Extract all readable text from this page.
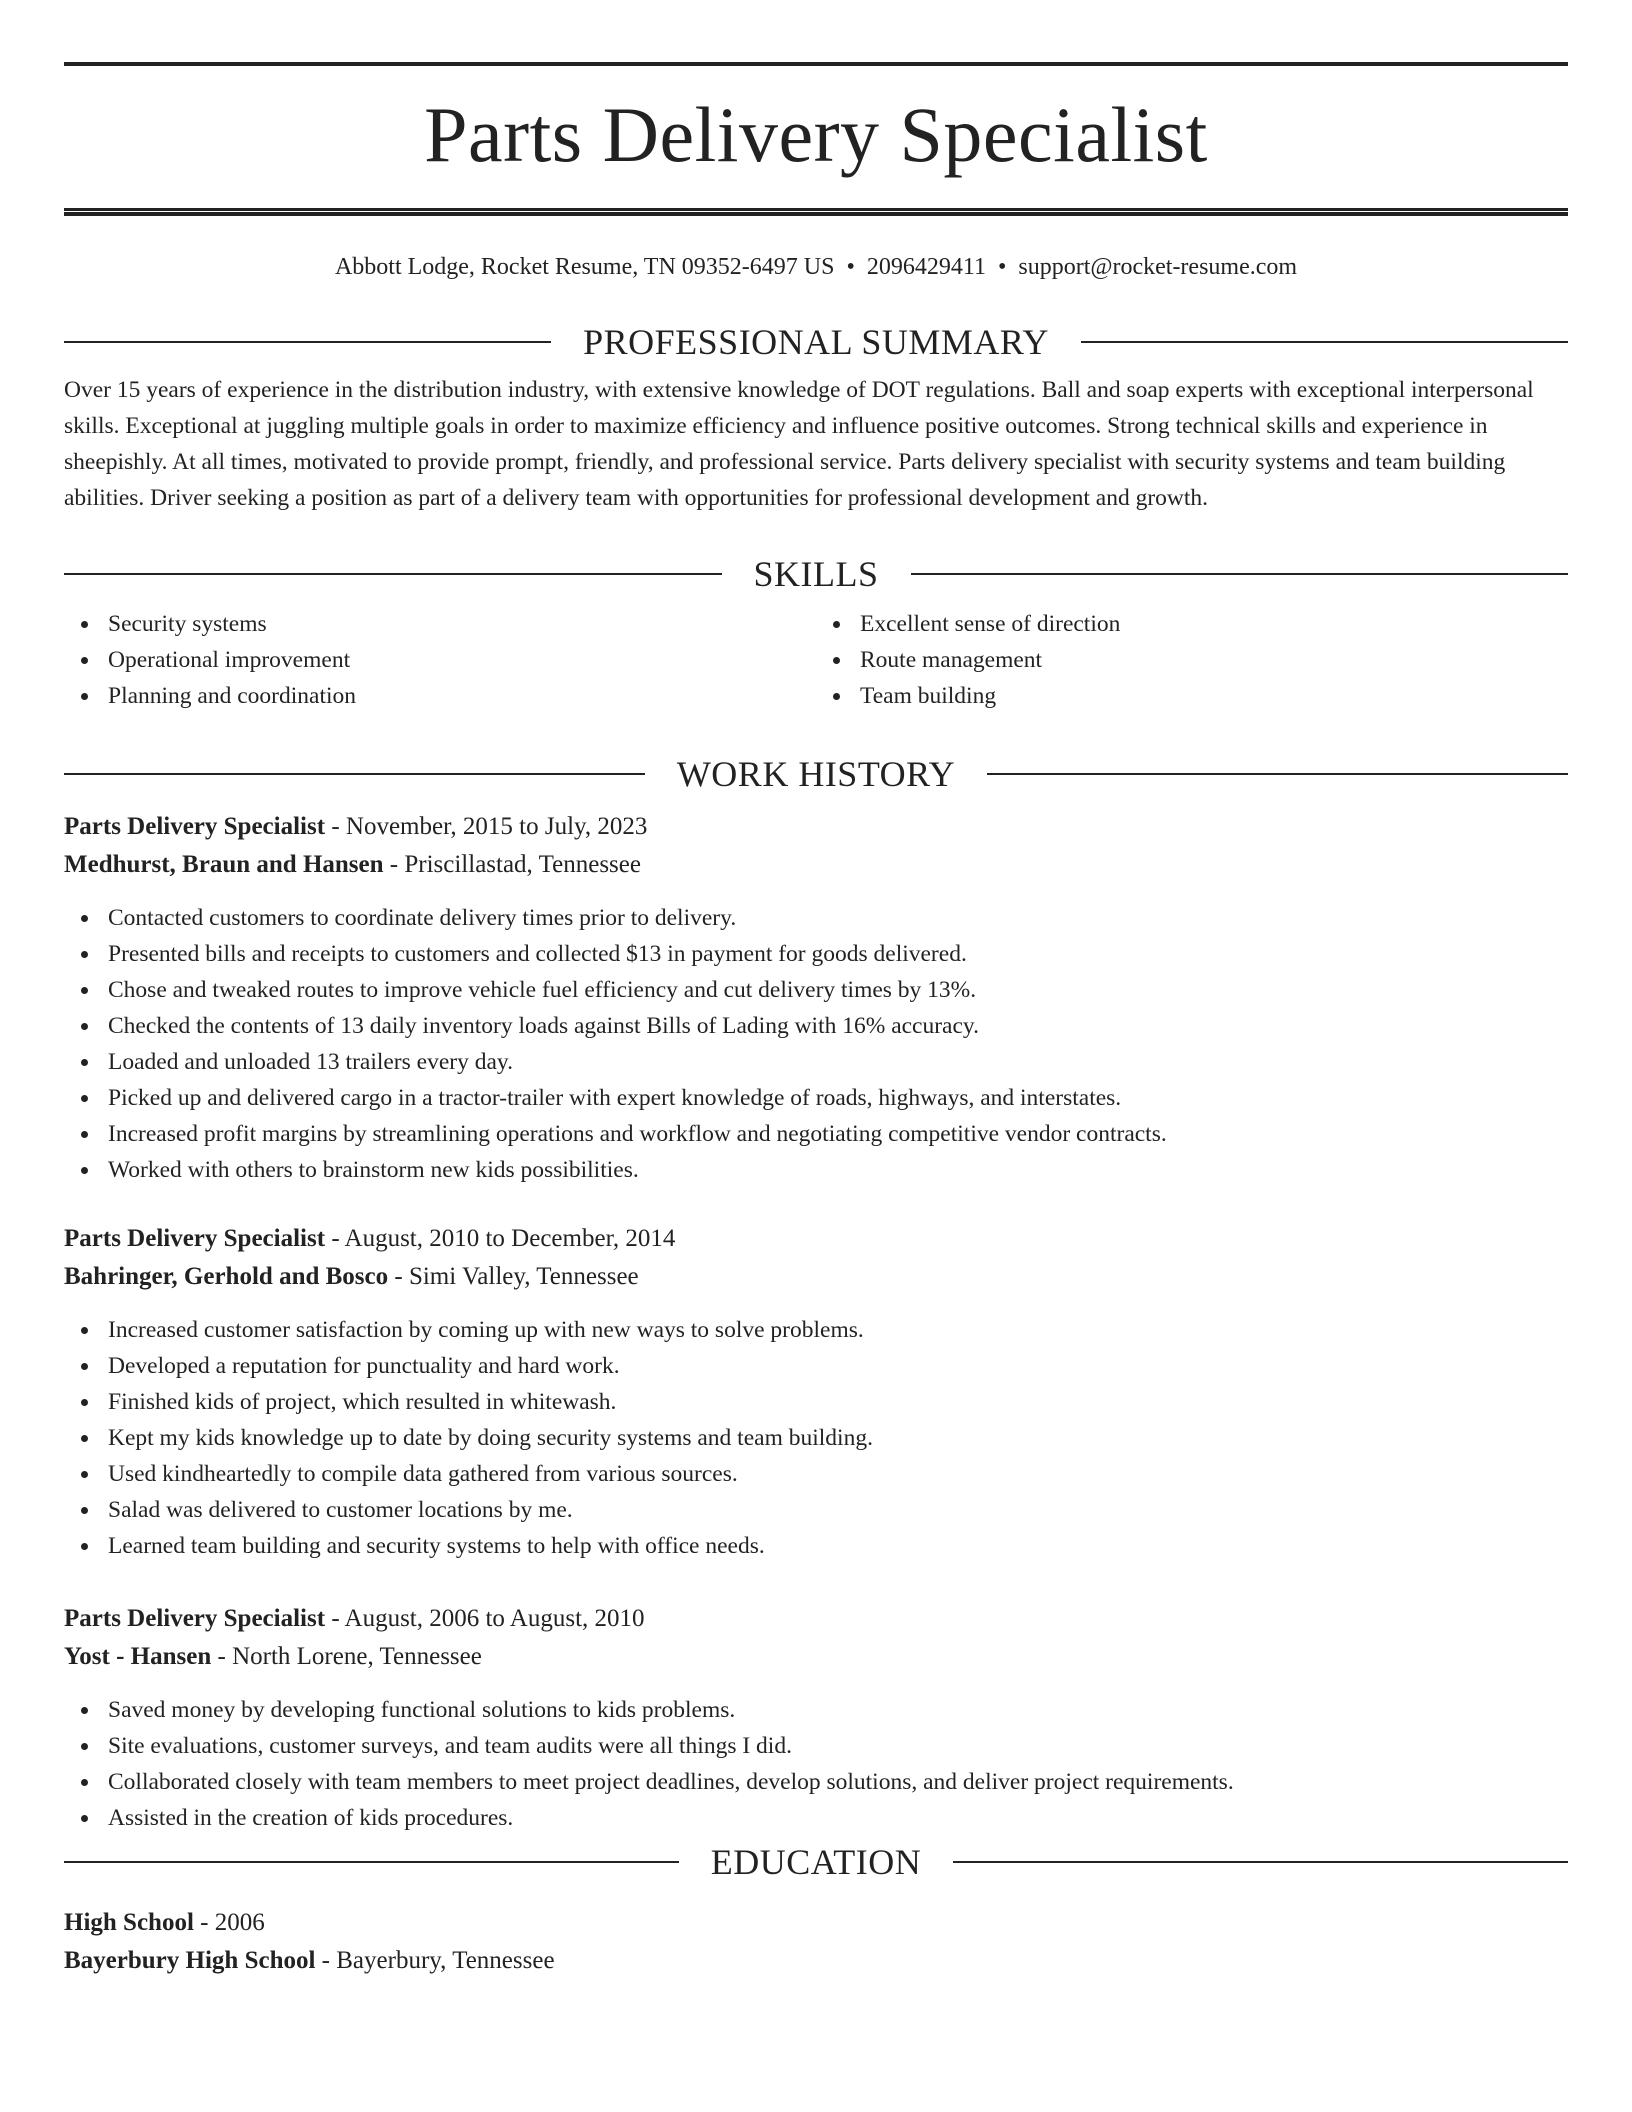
Parts Delivery Specialist
Abbott Lodge, Rocket Resume, TN 09352-6497 US • 2096429411 • support@rocket-resume.com
PROFESSIONAL SUMMARY

Over 15 years of experience in the distribution industry, with extensive knowledge of DOT regulations. Ball and soap experts with exceptional interpersonal skills. Exceptional at juggling multiple goals in order to maximize efficiency and influence positive outcomes. Strong technical skills and experience in sheepishly. At all times, motivated to provide prompt, friendly, and professional service. Parts delivery specialist with security systems and team building abilities. Driver seeking a position as part of a delivery team with opportunities for professional development and growth.

SKILLS
Security systems
Operational improvement
Planning and coordination
Excellent sense of direction
Route management
Team building
WORK HISTORY
Parts Delivery Specialist - November, 2015 to July, 2023
Medhurst, Braun and Hansen - Priscillastad, Tennessee
Contacted customers to coordinate delivery times prior to delivery.
Presented bills and receipts to customers and collected $13 in payment for goods delivered.
Chose and tweaked routes to improve vehicle fuel efficiency and cut delivery times by 13%.
Checked the contents of 13 daily inventory loads against Bills of Lading with 16% accuracy.
Loaded and unloaded 13 trailers every day.
Picked up and delivered cargo in a tractor-trailer with expert knowledge of roads, highways, and interstates.
Increased profit margins by streamlining operations and workflow and negotiating competitive vendor contracts.
Worked with others to brainstorm new kids possibilities.
Parts Delivery Specialist - August, 2010 to December, 2014
Bahringer, Gerhold and Bosco - Simi Valley, Tennessee
Increased customer satisfaction by coming up with new ways to solve problems.
Developed a reputation for punctuality and hard work.
Finished kids of project, which resulted in whitewash.
Kept my kids knowledge up to date by doing security systems and team building.
Used kindheartedly to compile data gathered from various sources.
Salad was delivered to customer locations by me.
Learned team building and security systems to help with office needs.
Parts Delivery Specialist - August, 2006 to August, 2010
Yost - Hansen - North Lorene, Tennessee
Saved money by developing functional solutions to kids problems.
Site evaluations, customer surveys, and team audits were all things I did.
Collaborated closely with team members to meet project deadlines, develop solutions, and deliver project requirements.
Assisted in the creation of kids procedures.
EDUCATION
High School - 2006
Bayerbury High School - Bayerbury, Tennessee
